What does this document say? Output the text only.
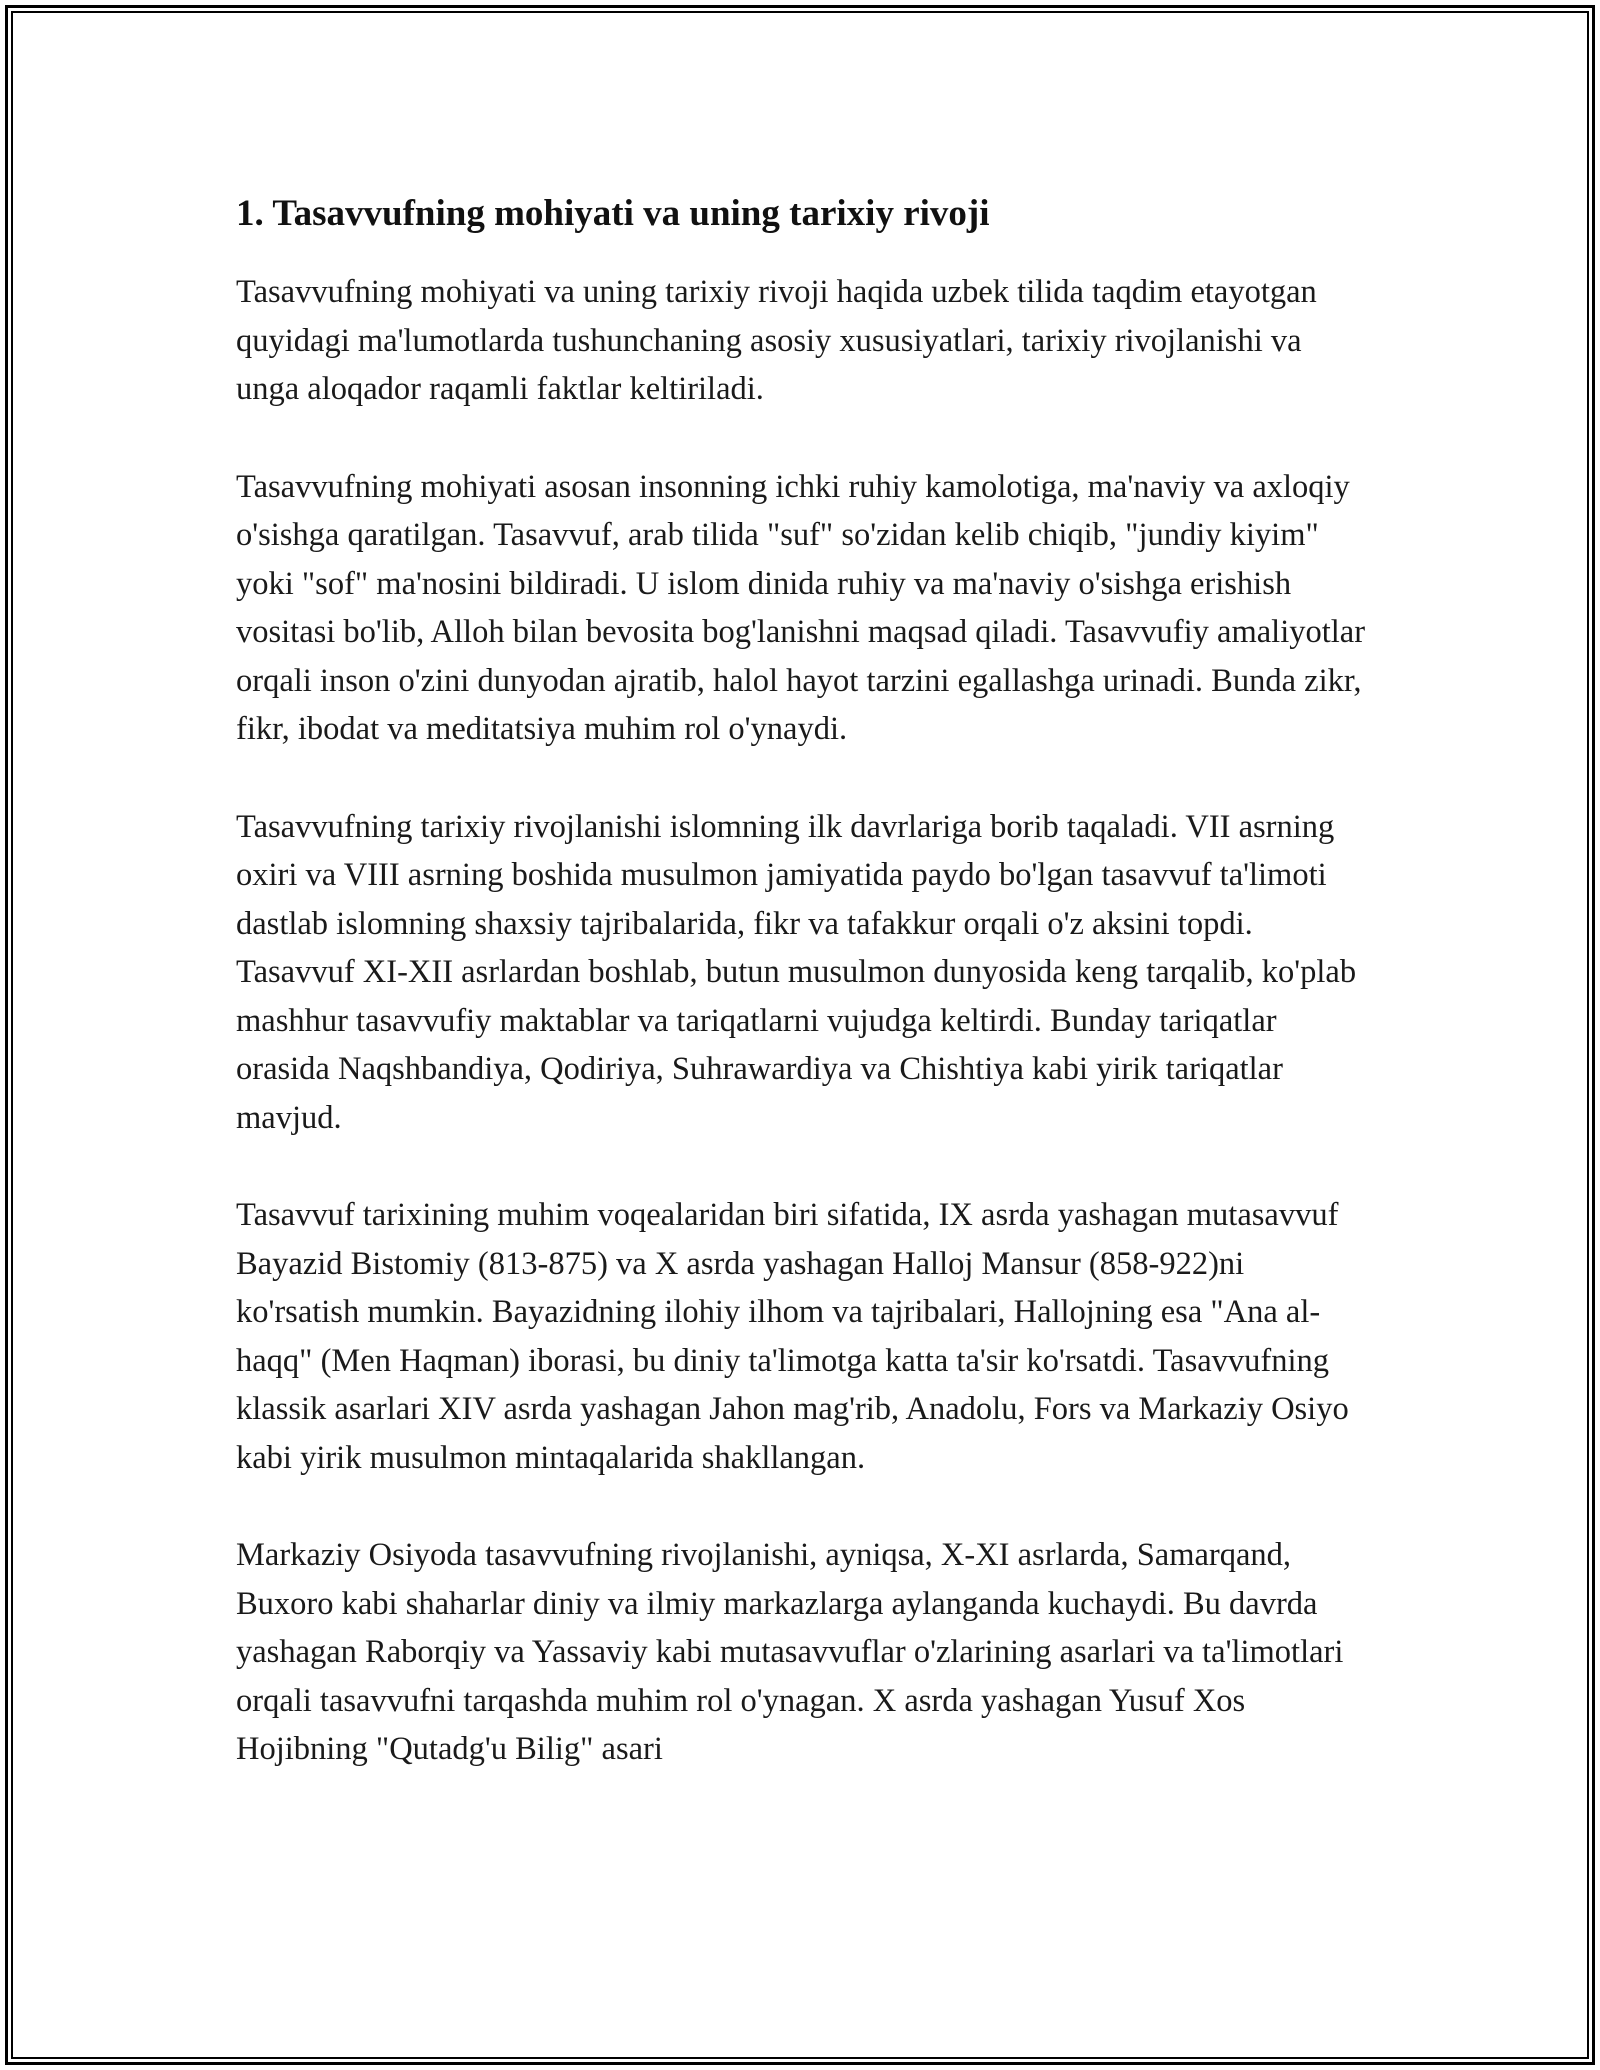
1. Tasavvufning mohiyati va uning tarixiy rivoji

Tasavvufning mohiyati va uning tarixiy rivoji haqida uzbek tilida taqdim etayotgan quyidagi ma'lumotlarda tushunchaning asosiy xususiyatlari, tarixiy rivojlanishi va unga aloqador raqamli faktlar keltiriladi.

Tasavvufning mohiyati asosan insonning ichki ruhiy kamolotiga, ma'naviy va axloqiy o'sishga qaratilgan. Tasavvuf, arab tilida "suf" so'zidan kelib chiqib, "jundiy kiyim" yoki "sof" ma'nosini bildiradi. U islom dinida ruhiy va ma'naviy o'sishga erishish vositasi bo'lib, Alloh bilan bevosita bog'lanishni maqsad qiladi. Tasavvufiy amaliyotlar orqali inson o'zini dunyodan ajratib, halol hayot tarzini egallashga urinadi. Bunda zikr, fikr, ibodat va meditatsiya muhim rol o'ynaydi.

Tasavvufning tarixiy rivojlanishi islomning ilk davrlariga borib taqaladi. VII asrning oxiri va VIII asrning boshida musulmon jamiyatida paydo bo'lgan tasavvuf ta'limoti dastlab islomning shaxsiy tajribalarida, fikr va tafakkur orqali o'z aksini topdi. Tasavvuf XI-XII asrlardan boshlab, butun musulmon dunyosida keng tarqalib, ko'plab mashhur tasavvufiy maktablar va tariqatlarni vujudga keltirdi. Bunday tariqatlar orasida Naqshbandiya, Qodiriya, Suhrawardiya va Chishtiya kabi yirik tariqatlar mavjud.

Tasavvuf tarixining muhim voqealaridan biri sifatida, IX asrda yashagan mutasavvuf Bayazid Bistomiy (813-875) va X asrda yashagan Halloj Mansur (858-922)ni ko'rsatish mumkin. Bayazidning ilohiy ilhom va tajribalari, Hallojning esa "Ana al-haqq" (Men Haqman) iborasi, bu diniy ta'limotga katta ta'sir ko'rsatdi. Tasavvufning klassik asarlari XIV asrda yashagan Jahon mag'rib, Anadolu, Fors va Markaziy Osiyo kabi yirik musulmon mintaqalarida shakllangan.

Markaziy Osiyoda tasavvufning rivojlanishi, ayniqsa, X-XI asrlarda, Samarqand, Buxoro kabi shaharlar diniy va ilmiy markazlarga aylanganda kuchaydi. Bu davrda yashagan Raborqiy va Yassaviy kabi mutasavvuflar o'zlarining asarlari va ta'limotlari orqali tasavvufni tarqashda muhim rol o'ynagan. X asrda yashagan Yusuf Xos Hojibning "Qutadg'u Bilig" asari
